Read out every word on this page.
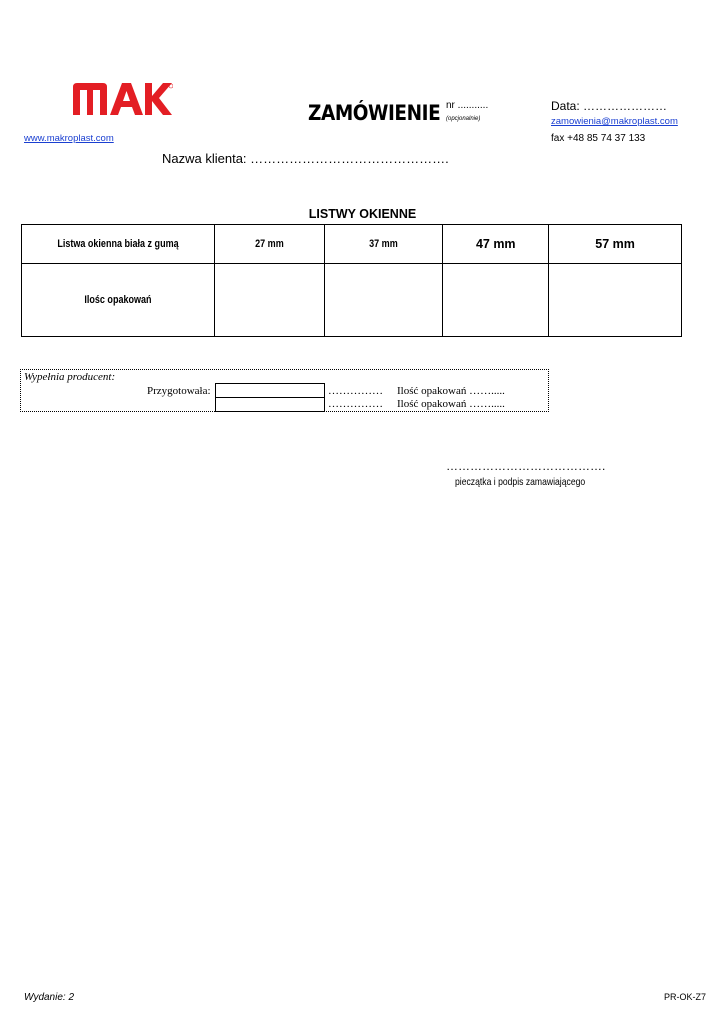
www.makroplast.com
ZAMÓWIENIE nr ...........
(opcjonalnie)
Data: …………………
zamowienia@makroplast.com
fax +48 85 74 37 133
Nazwa klienta: ……………………………………….
LISTWY OKIENNE
Listwa okienna biała z gumą	27 mm	37 mm	47 mm	57 mm
Ilośc opakowań				
Wypełnia producent:
Przygotowała:	…………… Ilość opakowań …….....
…………… Ilość opakowań …….....
………………………………….
pieczątka i podpis zamawiającego
Wydanie: 2	PR-OK-Z7
